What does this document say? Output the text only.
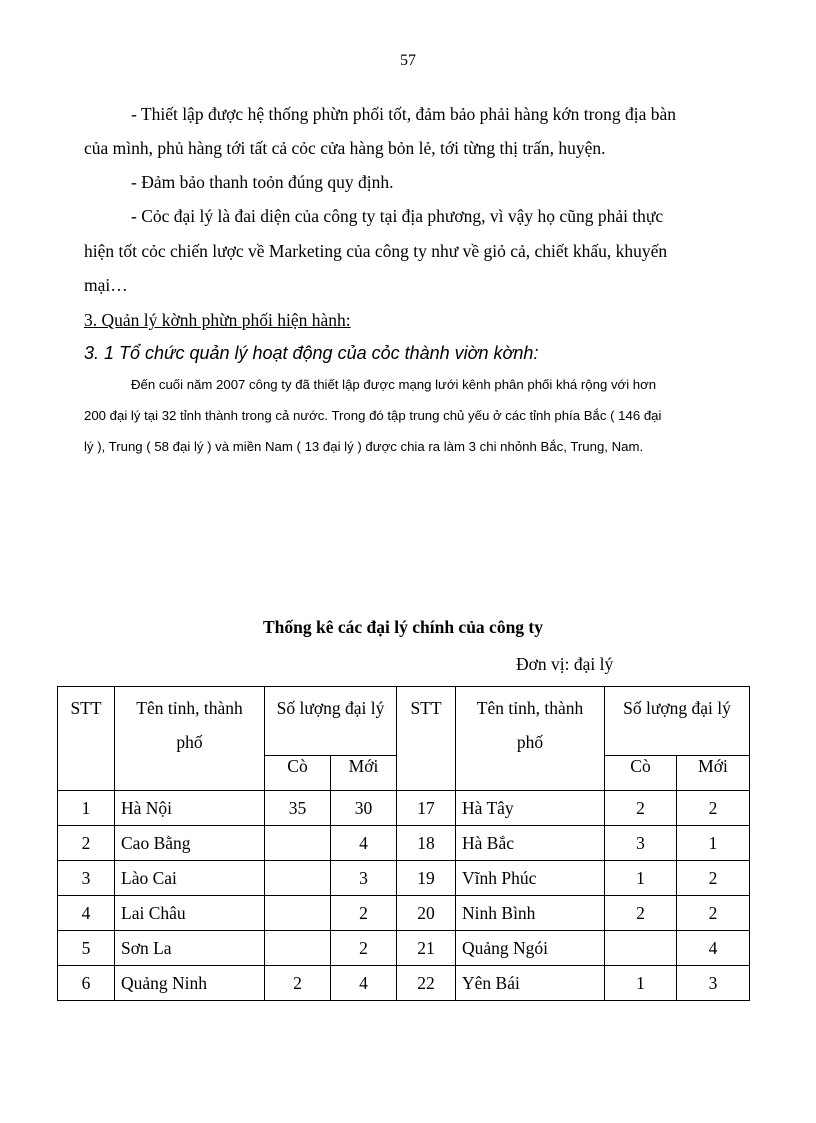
57
- Thiết lập được hệ thống phừn phối tốt, đảm bảo phải hàng kớn trong địa bàn
của mình, phủ hàng tới tất cả cỏc cửa hàng bỏn lẻ, tới từng thị trấn, huyện.
- Đảm bảo thanh toỏn đúng quy định.
- Cỏc đại lý là đai diện của công ty tại địa phương, vì vậy họ cũng phải thực
hiện tốt cỏc chiến lược về Marketing của công ty như về giỏ cả, chiết khấu, khuyến
mại…
3. Quản lý kờnh phừn phối hiện hành:
3. 1 Tổ chức quản lý hoạt động của cỏc thành viờn kờnh:
Đến cuối năm 2007 công ty đã thiết lập được mạng lưới kênh phân phối khá rộng với hơn
200 đại lý tại 32 tỉnh thành trong cả nước. Trong đó tập trung chủ yếu ở các tỉnh phía Bắc ( 146 đại
lý ), Trung ( 58 đại lý ) và miền Nam ( 13 đại lý ) được chia ra làm 3 chi nhỏnh Bắc, Trung, Nam.
Thống kê các đại lý chính của công ty
Đơn vị: đại lý
STT	Tên tỉnh, thành
phố	Số lượng đại lý		STT	Tên tỉnh, thành
phố	Số lượng đại lý	

		Cò	Mới			Cò	Mới
1	Hà Nội	35	30	17	Hà Tây	2	2
2	Cao Bằng		4	18	Hà Bắc	3	1
3	Lào Cai		3	19	Vĩnh Phúc	1	2
4	Lai Châu		2	20	Ninh Bình	2	2
5	Sơn La		2	21	Quảng Ngói		4
6	Quảng Ninh	2	4	22	Yên Bái	1	3
